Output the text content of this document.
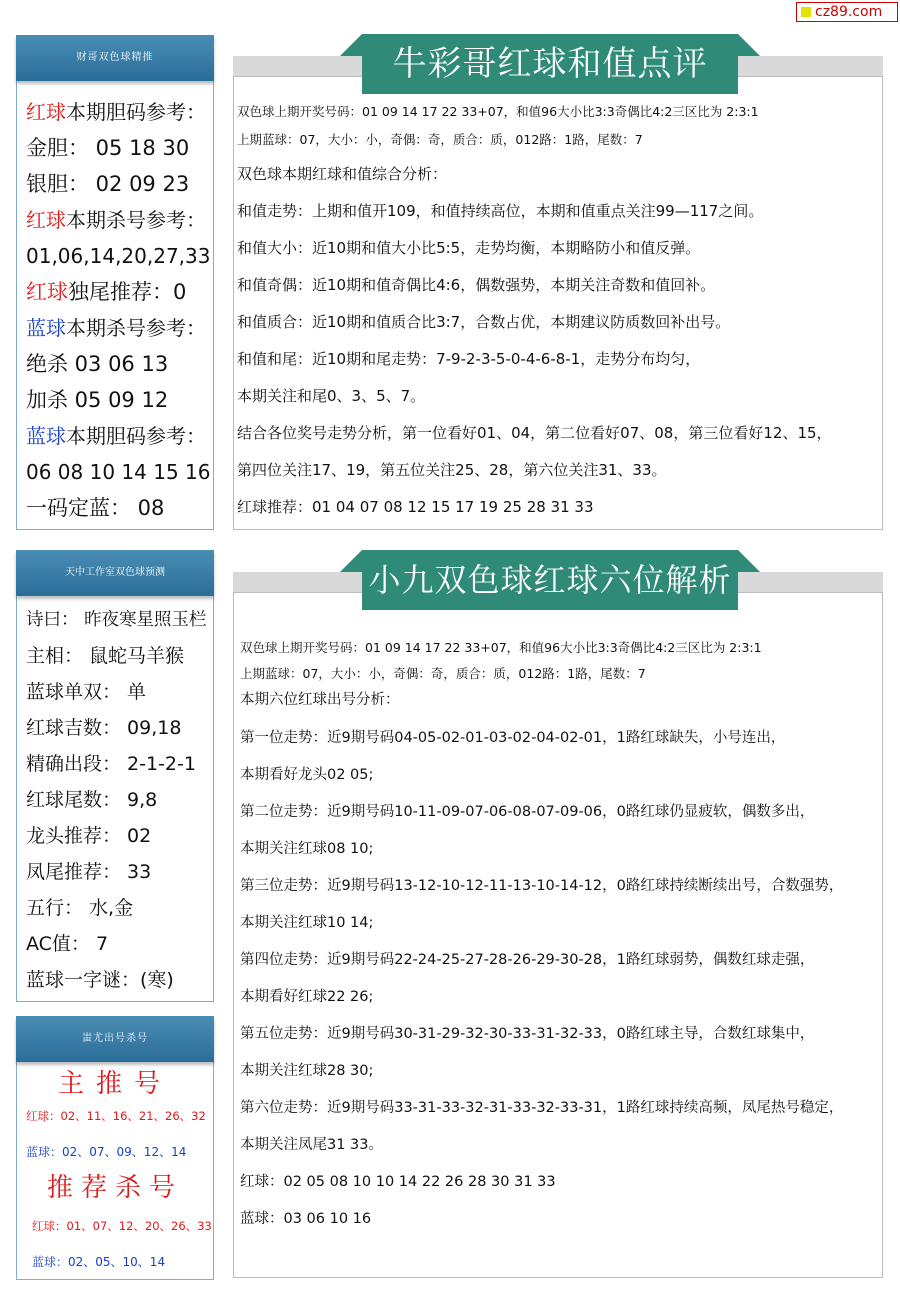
cz89.com
财哥双色球精推
红球本期胆码参考：
金胆： 05 18 30
银胆： 02 09 23
红球本期杀号参考：
01,06,14,20,27,33
红球独尾推荐：0
蓝球本期杀号参考：
绝杀 03 06 13
加杀 05 09 12
蓝球本期胆码参考：
06 08 10 14 15 16
一码定蓝： 08
天中工作室双色球预测
诗曰： 昨夜寒星照玉栏
主相： 鼠蛇马羊猴
蓝球单双： 单
红球吉数： 09,18
精确出段： 2-1-2-1
红球尾数： 9,8
龙头推荐： 02
凤尾推荐： 33
五行： 水,金
AC值： 7
蓝球一字谜：(寒)
蚩尤出号杀号
主推号
红球：02、11、16、21、26、32
蓝球：02、07、09、12、14
推荐杀号
红球：01、07、12、20、26、33
蓝球：02、05、10、14
牛彩哥红球和值点评
双色球上期开奖号码：01 09 14 17 22 33+07，和值96大小比3:3奇偶比4:2三区比为 2:3:1
上期蓝球：07，大小：小，奇偶：奇，质合：质，012路：1路，尾数：7
双色球本期红球和值综合分析：
和值走势：上期和值开109，和值持续高位，本期和值重点关注99—117之间。
和值大小：近10期和值大小比5:5，走势均衡，本期略防小和值反弹。
和值奇偶：近10期和值奇偶比4:6，偶数强势，本期关注奇数和值回补。
和值质合：近10期和值质合比3:7，合数占优，本期建议防质数回补出号。
和值和尾：近10期和尾走势：7-9-2-3-5-0-4-6-8-1，走势分布均匀，
本期关注和尾0、3、5、7。
结合各位奖号走势分析，第一位看好01、04，第二位看好07、08，第三位看好12、15，
第四位关注17、19，第五位关注25、28，第六位关注31、33。
红球推荐：01 04 07 08 12 15 17 19 25 28 31 33
小九双色球红球六位解析
双色球上期开奖号码：01 09 14 17 22 33+07，和值96大小比3:3奇偶比4:2三区比为 2:3:1
上期蓝球：07，大小：小，奇偶：奇，质合：质，012路：1路，尾数：7
本期六位红球出号分析：
第一位走势：近9期号码04-05-02-01-03-02-04-02-01，1路红球缺失，小号连出，
本期看好龙头02 05;
第二位走势：近9期号码10-11-09-07-06-08-07-09-06，0路红球仍显疲软，偶数多出，
本期关注红球08 10;
第三位走势：近9期号码13-12-10-12-11-13-10-14-12，0路红球持续断续出号，合数强势，
本期关注红球10 14;
第四位走势：近9期号码22-24-25-27-28-26-29-30-28，1路红球弱势，偶数红球走强，
本期看好红球22 26;
第五位走势：近9期号码30-31-29-32-30-33-31-32-33，0路红球主导，合数红球集中，
本期关注红球28 30;
第六位走势：近9期号码33-31-33-32-31-33-32-33-31，1路红球持续高频，凤尾热号稳定，
本期关注凤尾31 33。
红球：02 05 08 10 10 14 22 26 28 30 31 33
蓝球：03 06 10 16
